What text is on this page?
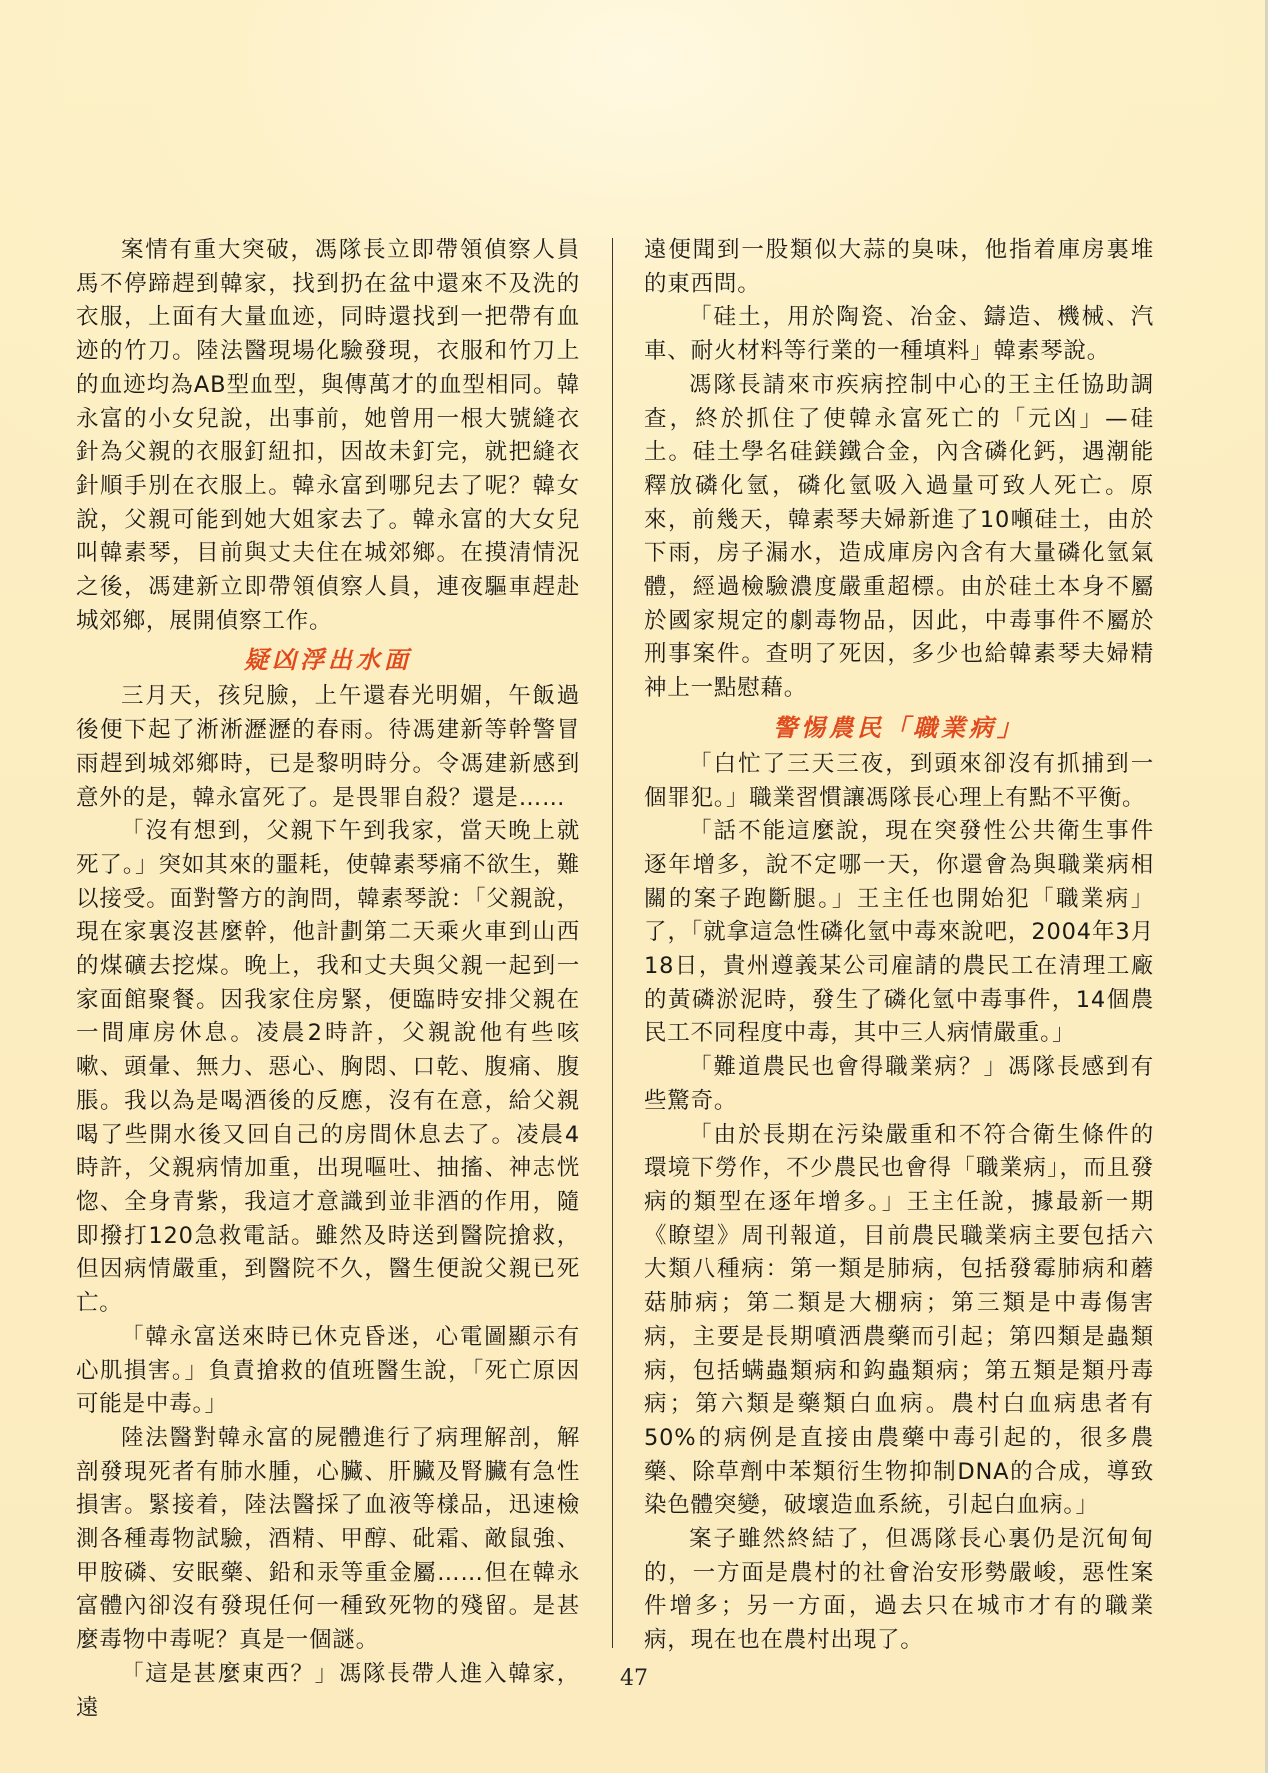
案情有重大突破，馮隊長立即帶領偵察人員馬不停蹄趕到韓家，找到扔在盆中還來不及洗的衣服，上面有大量血迹，同時還找到一把帶有血迹的竹刀。陸法醫現場化驗發現，衣服和竹刀上的血迹均為AB型血型，與傳萬才的血型相同。韓永富的小女兒說，出事前，她曾用一根大號縫衣針為父親的衣服釘紐扣，因故未釘完，就把縫衣針順手別在衣服上。韓永富到哪兒去了呢？韓女說，父親可能到她大姐家去了。韓永富的大女兒叫韓素琴，目前與丈夫住在城郊鄉。在摸清情況之後，馮建新立即帶領偵察人員，連夜驅車趕赴城郊鄉，展開偵察工作。

疑凶浮出水面

三月天，孩兒臉，上午還春光明媚，午飯過後便下起了淅淅瀝瀝的春雨。待馮建新等幹警冒雨趕到城郊鄉時，已是黎明時分。令馮建新感到意外的是，韓永富死了。是畏罪自殺？還是……

「沒有想到，父親下午到我家，當天晚上就死了。」突如其來的噩耗，使韓素琴痛不欲生，難以接受。面對警方的詢問，韓素琴說：「父親說，現在家裏沒甚麼幹，他計劃第二天乘火車到山西的煤礦去挖煤。晚上，我和丈夫與父親一起到一家面館聚餐。因我家住房緊，便臨時安排父親在一間庫房休息。凌晨2時許，父親說他有些咳嗽、頭暈、無力、惡心、胸悶、口乾、腹痛、腹脹。我以為是喝酒後的反應，沒有在意，給父親喝了些開水後又回自己的房間休息去了。凌晨4時許，父親病情加重，出現嘔吐、抽搐、神志恍惚、全身青紫，我這才意識到並非酒的作用，隨即撥打120急救電話。雖然及時送到醫院搶救，但因病情嚴重，到醫院不久，醫生便說父親已死亡。

「韓永富送來時已休克昏迷，心電圖顯示有心肌損害。」負責搶救的值班醫生說，「死亡原因可能是中毒。」

陸法醫對韓永富的屍體進行了病理解剖，解剖發現死者有肺水腫，心臟、肝臟及腎臟有急性損害。緊接着，陸法醫採了血液等樣品，迅速檢測各種毒物試驗，酒精、甲醇、砒霜、敵鼠強、甲胺磷、安眠藥、鉛和汞等重金屬……但在韓永富體內卻沒有發現任何一種致死物的殘留。是甚麼毒物中毒呢？真是一個謎。

「這是甚麼東西？」馮隊長帶人進入韓家，遠

遠便聞到一股類似大蒜的臭味，他指着庫房裏堆的東西問。

「硅土，用於陶瓷、冶金、鑄造、機械、汽車、耐火材料等行業的一種填料」韓素琴說。

馮隊長請來市疾病控制中心的王主任協助調查，終於抓住了使韓永富死亡的「元凶」—硅土。硅土學名硅鎂鐵合金，內含磷化鈣，遇潮能釋放磷化氫，磷化氫吸入過量可致人死亡。原來，前幾天，韓素琴夫婦新進了10噸硅土，由於下雨，房子漏水，造成庫房內含有大量磷化氫氣體，經過檢驗濃度嚴重超標。由於硅土本身不屬於國家規定的劇毒物品，因此，中毒事件不屬於刑事案件。查明了死因，多少也給韓素琴夫婦精神上一點慰藉。

警惕農民「職業病」

「白忙了三天三夜，到頭來卻沒有抓捕到一個罪犯。」職業習慣讓馮隊長心理上有點不平衡。

「話不能這麼說，現在突發性公共衛生事件逐年增多，說不定哪一天，你還會為與職業病相關的案子跑斷腿。」王主任也開始犯「職業病」了，「就拿這急性磷化氫中毒來說吧，2004年3月18日，貴州遵義某公司雇請的農民工在清理工廠的黃磷淤泥時，發生了磷化氫中毒事件，14個農民工不同程度中毒，其中三人病情嚴重。」

「難道農民也會得職業病？」馮隊長感到有些驚奇。

「由於長期在污染嚴重和不符合衛生條件的環境下勞作，不少農民也會得「職業病」，而且發病的類型在逐年增多。」王主任說，據最新一期《瞭望》周刊報道，目前農民職業病主要包括六大類八種病：第一類是肺病，包括發霉肺病和蘑菇肺病；第二類是大棚病；第三類是中毒傷害病，主要是長期噴洒農藥而引起；第四類是蟲類病，包括螨蟲類病和鈎蟲類病；第五類是類丹毒病；第六類是藥類白血病。農村白血病患者有50%的病例是直接由農藥中毒引起的，很多農藥、除草劑中苯類衍生物抑制DNA的合成，導致染色體突變，破壞造血系統，引起白血病。」

案子雖然終結了，但馮隊長心裏仍是沉甸甸的，一方面是農村的社會治安形勢嚴峻，惡性案件增多；另一方面，過去只在城市才有的職業病，現在也在農村出現了。

47
